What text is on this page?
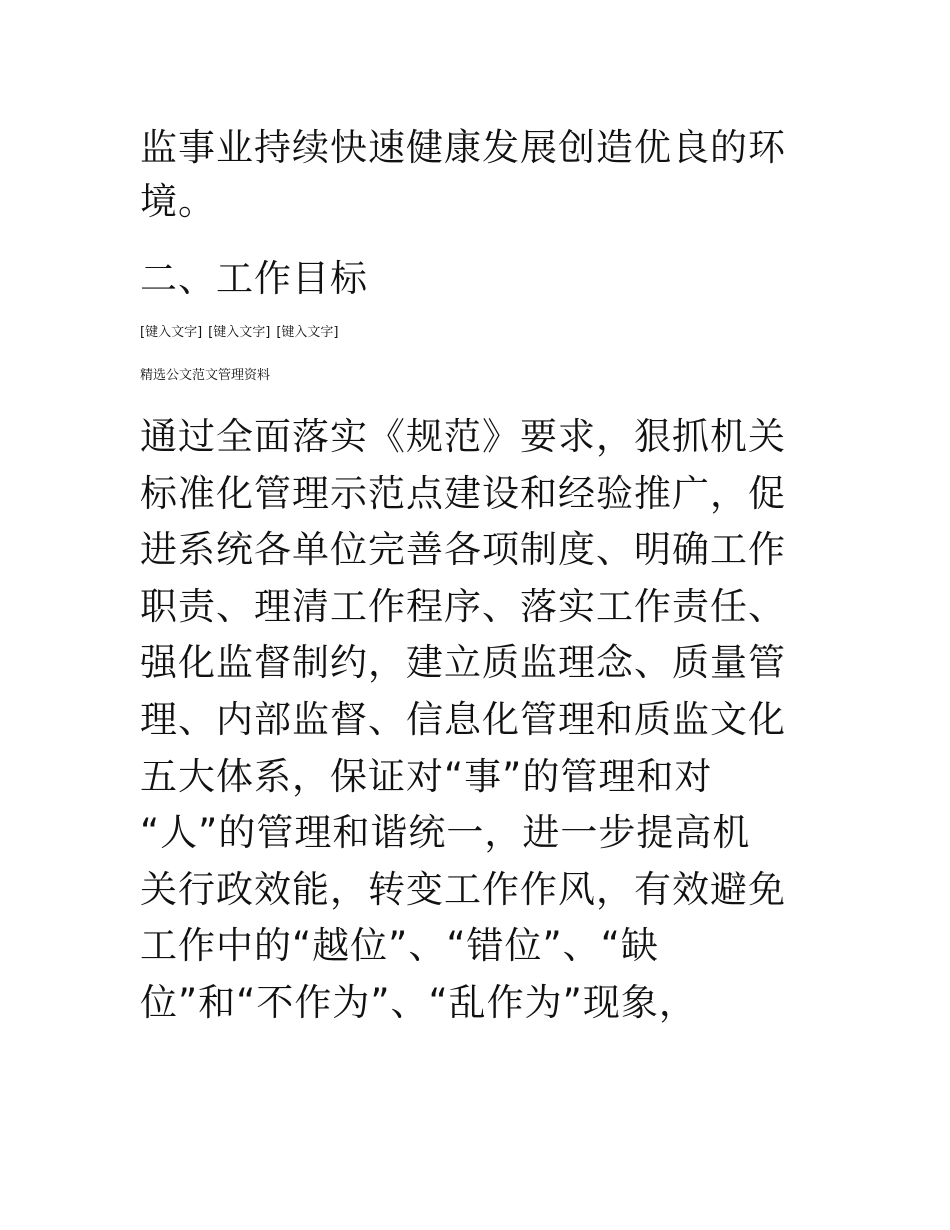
监事业持续快速健康发展创造优良的环
境。
二、工作目标
[键入文字] [键入文字] [键入文字]
精选公文范文管理资料
通过全面落实《规范》要求，狠抓机关
标准化管理示范点建设和经验推广，促
进系统各单位完善各项制度、明确工作
职责、理清工作程序、落实工作责任、
强化监督制约，建立质监理念、质量管
理、内部监督、信息化管理和质监文化
五大体系，保证对“事”的管理和对
“人”的管理和谐统一，进一步提高机
关行政效能，转变工作作风，有效避免
工作中的“越位”、“错位”、“缺
位”和“不作为”、“乱作为”现象，
